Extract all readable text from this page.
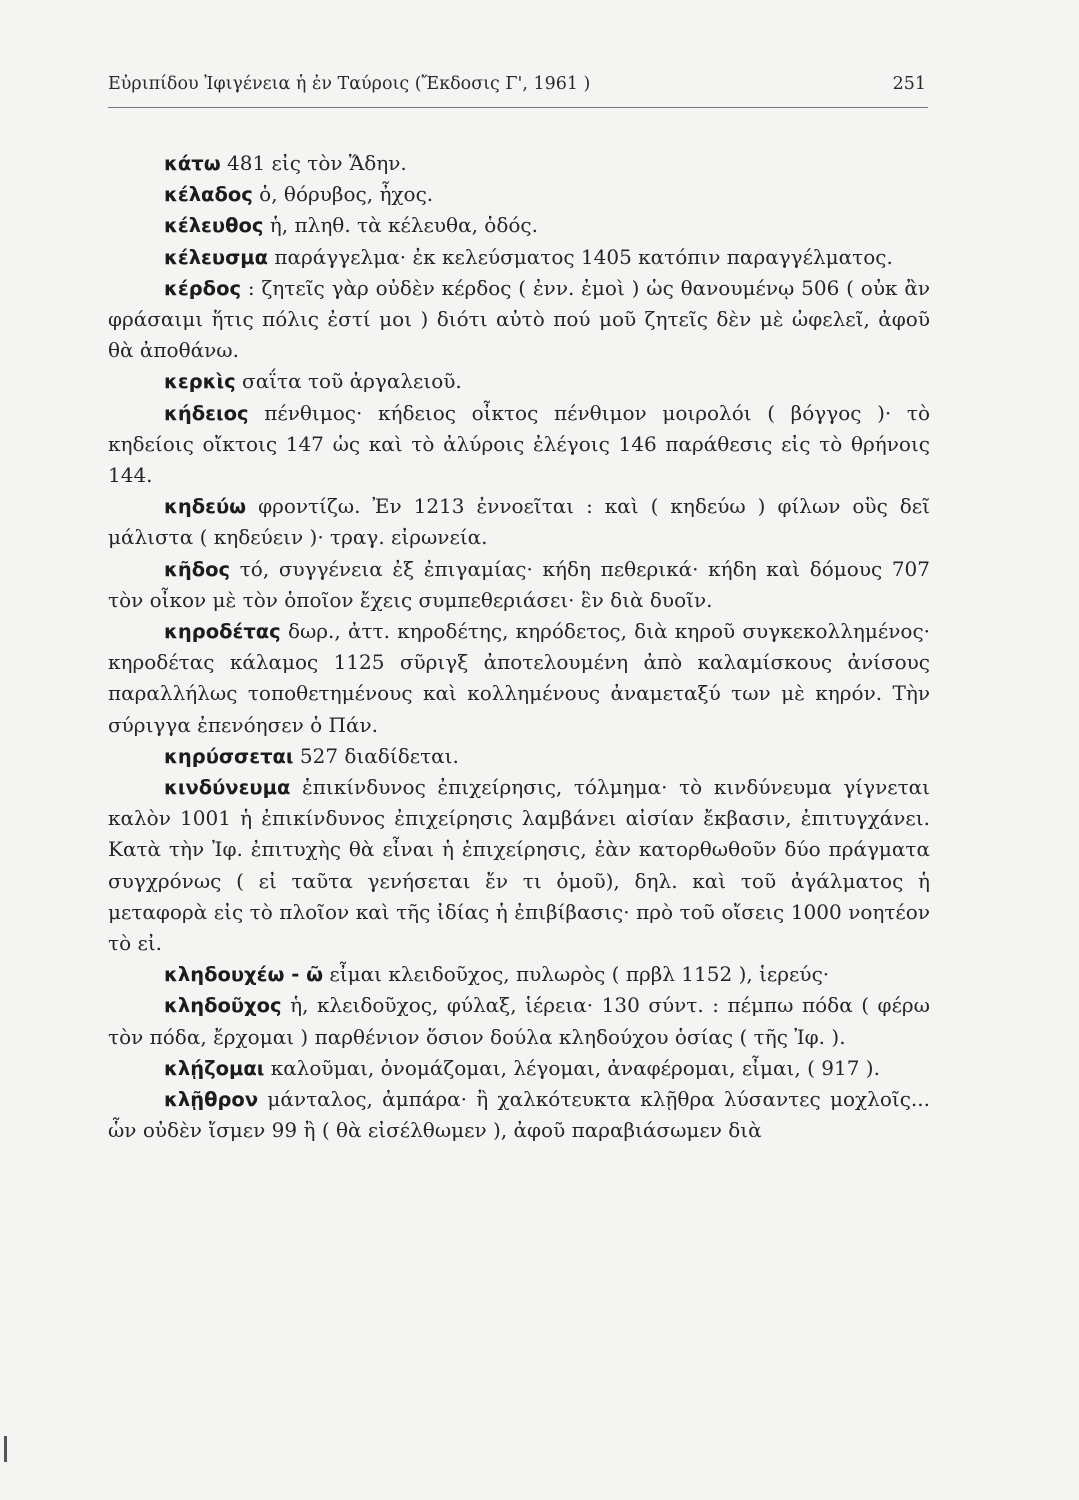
Εὐριπίδου Ἰφιγένεια ἡ ἐν Ταύροις (Ἔκδοσις Γ', 1961 )	251

κάτω 481 εἰς τὸν Ἅδην.

κέλαδος ὁ, θόρυβος, ἦχος.

κέλευθος ἡ, πληθ. τὰ κέλευθα, ὁδός.

κέλευσμα παράγγελμα· ἐκ κελεύσματος 1405 κατόπιν παραγγέλματος.

κέρδος : ζητεῖς γὰρ οὐδὲν κέρδος ( ἐνν. ἐμοὶ ) ὡς θανουμένῳ 506 ( οὐκ ἂν φράσαιμι ἥτις πόλις ἐστί μοι ) διότι αὐτὸ πού μοῦ ζητεῖς δὲν μὲ ὠφελεῖ, ἀφοῦ θὰ ἀποθάνω.

κερκὶς σαΐτα τοῦ ἀργαλειοῦ.

κήδειος πένθιμος· κήδειος οἶκτος πένθιμον μοιρολόι ( βόγγος )· τὸ κηδείοις οἴκτοις 147 ὡς καὶ τὸ ἀλύροις ἐλέγοις 146 παράθεσις εἰς τὸ θρήνοις 144.

κηδεύω φροντίζω. Ἐν 1213 ἐννοεῖται : καὶ ( κηδεύω ) φίλων οὓς δεῖ μάλιστα ( κηδεύειν )· τραγ. εἰρωνεία.

κῆδος τό, συγγένεια ἐξ ἐπιγαμίας· κήδη πεθερικά· κήδη καὶ δόμους 707 τὸν οἶκον μὲ τὸν ὁποῖον ἔχεις συμπεθεριάσει· ἓν διὰ δυοῖν.

κηροδέτας δωρ., ἀττ. κηροδέτης, κηρόδετος, διὰ κηροῦ συγκεκολλημένος· κηροδέτας κάλαμος 1125 σῦριγξ ἀποτελουμένη ἀπὸ καλαμίσκους ἀνίσους παραλλήλως τοποθετημένους καὶ κολλημένους ἀναμεταξύ των μὲ κηρόν. Τὴν σύριγγα ἐπενόησεν ὁ Πάν.

κηρύσσεται 527 διαδίδεται.

κινδύνευμα ἐπικίνδυνος ἐπιχείρησις, τόλμημα· τὸ κινδύνευμα γίγνεται καλὸν 1001 ἡ ἐπικίνδυνος ἐπιχείρησις λαμβάνει αἰσίαν ἔκβασιν, ἐπιτυγχάνει. Κατὰ τὴν Ἰφ. ἐπιτυχὴς θὰ εἶναι ἡ ἐπιχείρησις, ἐὰν κατορθωθοῦν δύο πράγματα συγχρόνως ( εἰ ταῦτα γενήσεται ἔν τι ὁμοῦ), δηλ. καὶ τοῦ ἀγάλματος ἡ μεταφορὰ εἰς τὸ πλοῖον καὶ τῆς ἰδίας ἡ ἐπιβίβασις· πρὸ τοῦ οἴσεις 1000 νοητέον τὸ εἰ.

κληδουχέω - ῶ εἶμαι κλειδοῦχος, πυλωρὸς ( πρβλ 1152 ), ἱερεύς·

κληδοῦχος ἡ, κλειδοῦχος, φύλαξ, ἱέρεια· 130 σύντ. : πέμπω πόδα ( φέρω τὸν πόδα, ἔρχομαι ) παρθένιον ὅσιον δούλα κληδούχου ὁσίας ( τῆς Ἰφ. ).

κλῄζομαι καλοῦμαι, ὀνομάζομαι, λέγομαι, ἀναφέρομαι, εἶμαι, ( 917 ).

κλῇθρον μάνταλος, ἀμπάρα· ἢ χαλκότευκτα κλῇθρα λύσαντες μοχλοῖς... ὧν οὐδὲν ἴσμεν 99 ἢ ( θὰ εἰσέλθωμεν ), ἀφοῦ παραβιάσωμεν διὰ
